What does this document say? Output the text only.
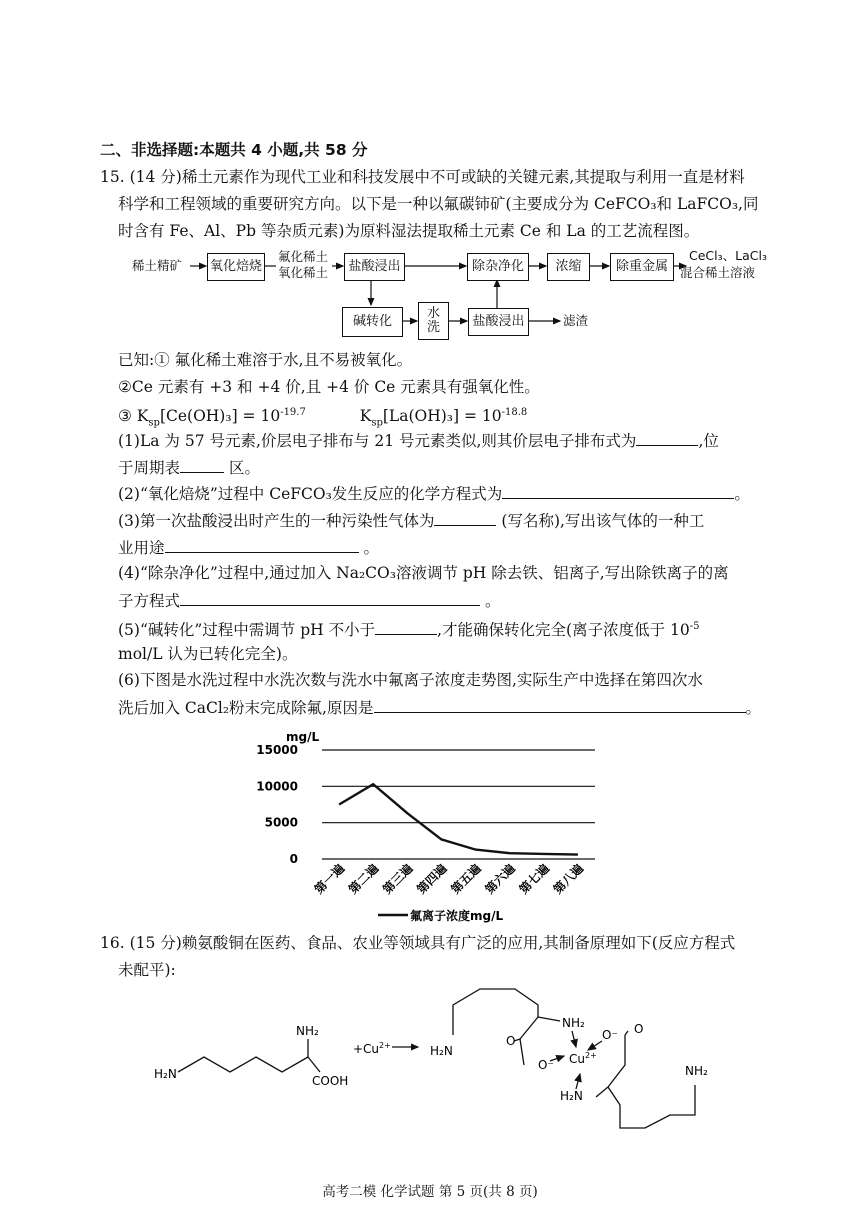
二、非选择题:本题共 4 小题,共 58 分
15. (14 分)稀土元素作为现代工业和科技发展中不可或缺的关键元素,其提取与利用一直是材料
科学和工程领域的重要研究方向。以下是一种以氟碳铈矿(主要成分为 CeFCO₃和 LaFCO₃,同
时含有 Fe、Al、Pb 等杂质元素)为原料湿法提取稀土元素 Ce 和 La 的工艺流程图。
稀土精矿 氧化焙烧
氟化稀土
氧化稀土	盐酸浸出	除杂净化	浓缩	除重金属
CeCl₃、LaCl₃
混合稀土溶液
碱转化
水
洗	盐酸浸出	滤渣
已知:① 氟化稀土难溶于水,且不易被氧化。
②Ce 元素有 +3 和 +4 价,且 +4 价 Ce 元素具有强氧化性。
③ $K_{sp}[Ce(OH)_3] = 10^{-19.7}$	$K_{sp}[La(OH)_3] = 10^{-18.8}$
(1)La 为 57 号元素,价层电子排布与 21 号元素类似,则其价层电子排布式为	,位
于周期表	区。
(2)“氧化焙烧”过程中 CeFCO₃发生反应的化学方程式为	。
(3)第一次盐酸浸出时产生的一种污染性气体为	(写名称),写出该气体的一种工
业用途	。
(4)“除杂净化”过程中,通过加入 Na₂CO₃溶液调节 pH 除去铁、铝离子,写出除铁离子的离
子方程式	。
(5)“碱转化”过程中需调节 pH 不小于	,才能确保转化完全(离子浓度低于 $10^{-5}$
mol/L 认为已转化完全)。
(6)下图是水洗过程中水洗次数与洗水中氟离子浓度走势图,实际生产中选择在第四次水
洗后加入 CaCl₂粉末完成除氟,原因是	。
mg/L
15000
10000
5000
0
第一遍
第二遍
第三遍
第四遍
第五遍
第六遍
第七遍
第八遍
氟离子浓度mg/L
16. (15 分)赖氨酸铜在医药、食品、农业等领域具有广泛的应用,其制备原理如下(反应方程式
未配平):
H₂N
NH₂
COOH
$+Cu^{2+}$	H₂N
NH₂
O
O⁻ $Cu^{2+}$
O⁻ O
H₂N
NH₂
高考二模 化学试题 第 5 页(共 8 页)
